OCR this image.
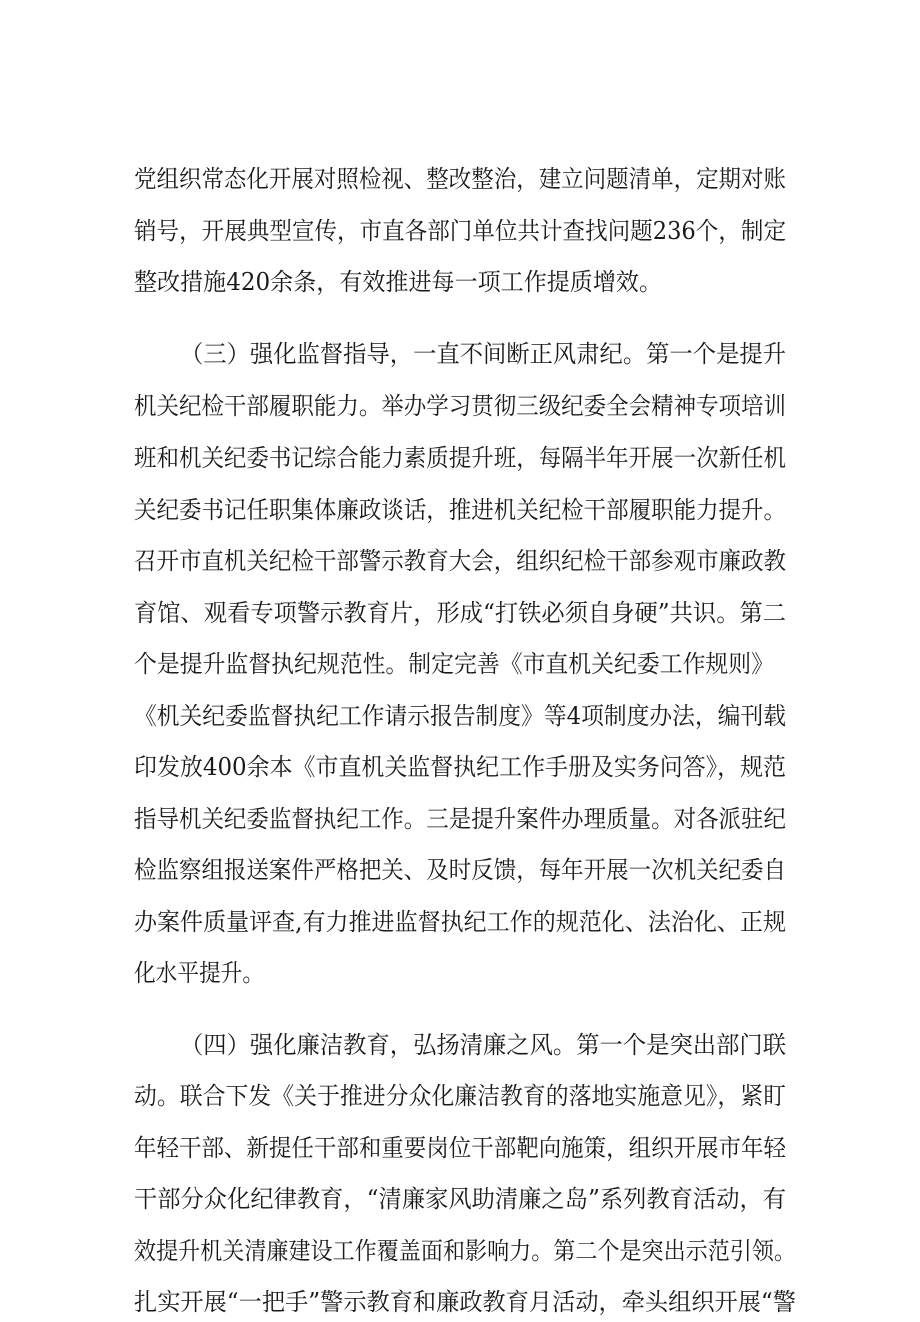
党组织常态化开展对照检视、整改整治，建立问题清单，定期对账

销号，开展典型宣传，市直各部门单位共计查找问题236个，制定

整改措施420余条，有效推进每一项工作提质增效。

（三）强化监督指导，一直不间断正风肃纪。第一个是提升

机关纪检干部履职能力。举办学习贯彻三级纪委全会精神专项培训

班和机关纪委书记综合能力素质提升班，每隔半年开展一次新任机

关纪委书记任职集体廉政谈话，推进机关纪检干部履职能力提升。

召开市直机关纪检干部警示教育大会，组织纪检干部参观市廉政教

育馆、观看专项警示教育片，形成“打铁必须自身硬”共识。第二

个是提升监督执纪规范性。制定完善《市直机关纪委工作规则》

《机关纪委监督执纪工作请示报告制度》等4项制度办法，编刊载

印发放400余本《市直机关监督执纪工作手册及实务问答》，规范

指导机关纪委监督执纪工作。三是提升案件办理质量。对各派驻纪

检监察组报送案件严格把关、及时反馈，每年开展一次机关纪委自

办案件质量评查,有力推进监督执纪工作的规范化、法治化、正规

化水平提升。

（四）强化廉洁教育，弘扬清廉之风。第一个是突出部门联

动。联合下发《关于推进分众化廉洁教育的落地实施意见》，紧盯

年轻干部、新提任干部和重要岗位干部靶向施策，组织开展市年轻

干部分众化纪律教育，“清廉家风助清廉之岛”系列教育活动，有

效提升机关清廉建设工作覆盖面和影响力。第二个是突出示范引领。

扎实开展“一把手”警示教育和廉政教育月活动，牵头组织开展“警
